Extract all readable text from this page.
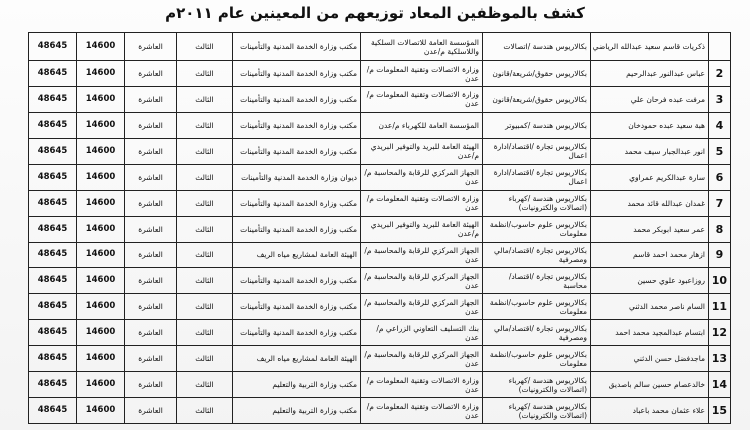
كشف بالموظفين المعاد توزيعهم من المعينين عام ٢٠١١م
	ذكريات قاسم سعيد عبدالله الرياضي	بكالاريوس هندسة /اتصالات	المؤسسة العامة للاتصالات السلكية واللاسلكية م/عدن	مكتب وزارة الخدمة المدنية والتأمينات	الثالث	العاشرة	14600	48645
2	عباس عبدالنور عبدالرحيم	بكالاريوس حقوق/شريعة/قانون	وزارة الاتصالات وتقنية المعلومات م/عدن	مكتب وزارة الخدمة المدنية والتأمينات	الثالث	العاشرة	14600	48645
3	مرفت عبده فرحان علي	بكالاريوس حقوق/شريعة/قانون	وزارة الاتصالات وتقنية المعلومات م/عدن	مكتب وزارة الخدمة المدنية والتأمينات	الثالث	العاشرة	14600	48645
4	هبة سعيد عبده حمودخان	بكالاريوس هندسة /كمبيوتر	المؤسسة العامة للكهرباء م/عدن	مكتب وزارة الخدمة المدنية والتأمينات	الثالث	العاشرة	14600	48645
5	انور عبدالجبار سيف محمد	بكالاريوس تجارة /اقتصاد/ادارة اعمال	الهيئة العامة للبريد والتوفير البريدي م/عدن	مكتب وزارة الخدمة المدنية والتأمينات	الثالث	العاشرة	14600	48645
6	سارة عبدالكريم عمراوي	بكالاريوس تجارة /اقتصاد/ادارة اعمال	الجهاز المركزي للرقابة والمحاسبة م/عدن	ديوان وزارة الخدمة المدنية والتأمينات	الثالث	العاشرة	14600	48645
7	غمدان عبدالله قائد محمد	بكالاريوس هندسة /كهرباء (اتصالات والكترونيات)	وزارة الاتصالات وتقنية المعلومات م/عدن	مكتب وزارة الخدمة المدنية والتأمينات	الثالث	العاشرة	14600	48645
8	عمر سعيد ابوبكر محمد	بكالاريوس علوم حاسوب/انظمة معلومات	الهيئة العامة للبريد والتوفير البريدي م/عدن	مكتب وزارة الخدمة المدنية والتأمينات	الثالث	العاشرة	14600	48645
9	ازهار محمد احمد قاسم	بكالاريوس تجارة /اقتصاد/مالي ومصرفية	الجهاز المركزي للرقابة والمحاسبة م/عدن	الهيئة العامة لمشاريع مياه الريف	الثالث	العاشرة	14600	48645
10	روزاعبود علوي حسين	بكالاريوس تجارة /اقتصاد/محاسبة	الجهاز المركزي للرقابة والمحاسبة م/عدن	مكتب وزارة الخدمة المدنية والتأمينات	الثالث	العاشرة	14600	48645
11	السام ناصر محمد الدثني	بكالاريوس علوم حاسوب/انظمة معلومات	الجهاز المركزي للرقابة والمحاسبة م/عدن	مكتب وزارة الخدمة المدنية والتأمينات	الثالث	العاشرة	14600	48645
12	ابتسام عبدالمجيد محمد احمد	بكالاريوس تجارة /اقتصاد/مالي ومصرفية	بنك التسليف التعاوني الزراعي م/عدن	مكتب وزارة الخدمة المدنية والتأمينات	الثالث	العاشرة	14600	48645
13	ماجدفضل حسن الدثني	بكالاريوس علوم حاسوب/انظمة معلومات	الجهاز المركزي للرقابة والمحاسبة م/عدن	الهيئة العامة لمشاريع مياه الريف	الثالث	العاشرة	14600	48645
14	خالدعصام حسين سالم باصديق	بكالاريوس هندسة /كهرباء (اتصالات والكترونيات)	وزارة الاتصالات وتقنية المعلومات م/عدن	مكتب وزارة التربية والتعليم	الثالث	العاشرة	14600	48645
15	علاء عثمان محمد باعباد	بكالاريوس هندسة /كهرباء (اتصالات والكترونيات)	وزارة الاتصالات وتقنية المعلومات م/عدن	مكتب وزارة التربية والتعليم	الثالث	العاشرة	14600	48645
